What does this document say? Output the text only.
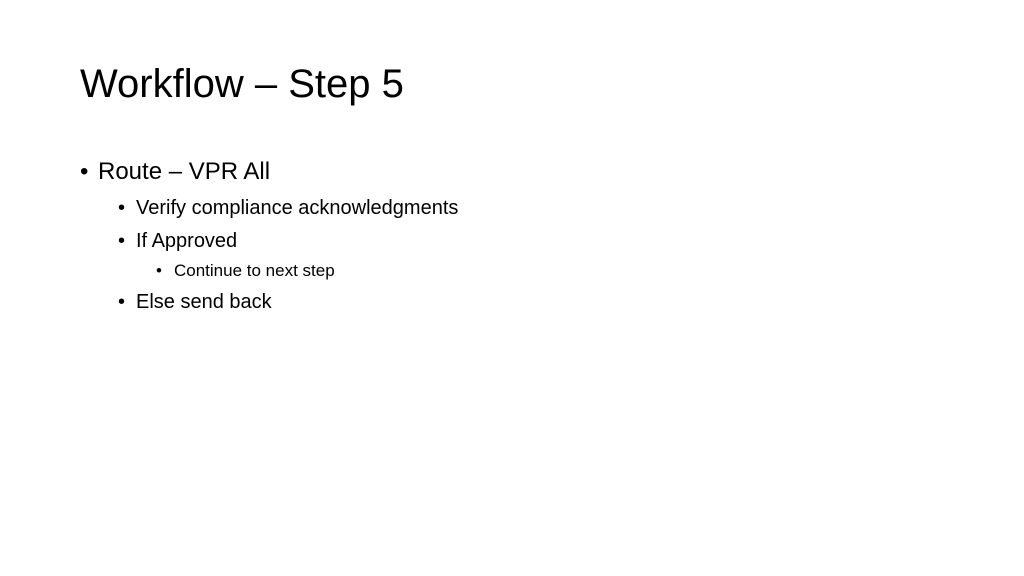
Workflow – Step 5
• Route – VPR All
• Verify compliance acknowledgments
• If Approved
• Continue to next step
• Else send back
